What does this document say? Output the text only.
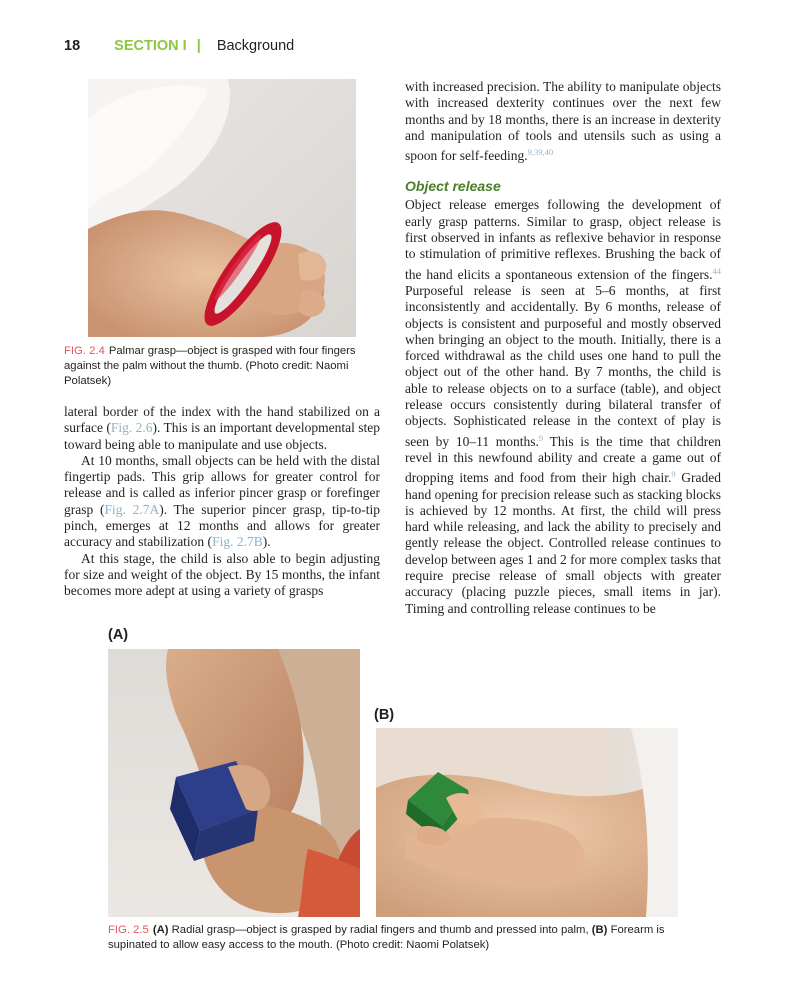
18 SECTION I | Background
FIG. 2.4 Palmar grasp—object is grasped with four fingers against the palm without the thumb. (Photo credit: Naomi Polatsek)

lateral border of the index with the hand stabilized on a surface (Fig. 2.6). This is an important developmental step toward being able to manipulate and use objects.

At 10 months, small objects can be held with the distal fingertip pads. This grip allows for greater control for release and is called as inferior pincer grasp or forefinger grasp (Fig. 2.7A). The superior pincer grasp, tip-to-tip pinch, emerges at 12 months and allows for greater accuracy and stabilization (Fig. 2.7B).

At this stage, the child is also able to begin adjusting for size and weight of the object. By 15 months, the infant becomes more adept at using a variety of grasps

with increased precision. The ability to manipulate objects with increased dexterity continues over the next few months and by 18 months, there is an increase in dexterity and manipulation of tools and utensils such as using a spoon for self-feeding.$^{9,39,40}$

Object release

Object release emerges following the development of early grasp patterns. Similar to grasp, object release is first observed in infants as reflexive behavior in response to stimulation of primitive reflexes. Brushing the back of the hand elicits a spontaneous extension of the fingers.$^{44}$ Purposeful release is seen at 5–6 months, at first inconsistently and accidentally. By 6 months, release of objects is consistent and purposeful and mostly observed when bringing an object to the mouth. Initially, there is a forced withdrawal as the child uses one hand to pull the object out of the other hand. By 7 months, the child is able to release objects on to a surface (table), and object release occurs consistently during bilateral transfer of objects. Sophisticated release in the context of play is seen by 10–11 months.$^9$ This is the time that children revel in this newfound ability and create a game out of dropping items and food from their high chair.$^9$ Graded hand opening for precision release such as stacking blocks is achieved by 12 months. At first, the child will press hard while releasing, and lack the ability to precisely and gently release the object. Controlled release continues to develop between ages 1 and 2 for more complex tasks that require precise release of small objects with greater accuracy (placing puzzle pieces, small items in jar). Timing and controlling release continues to be

(A)
(B)
FIG. 2.5 (A) Radial grasp—object is grasped by radial fingers and thumb and pressed into palm, (B) Forearm is supinated to allow easy access to the mouth. (Photo credit: Naomi Polatsek)
